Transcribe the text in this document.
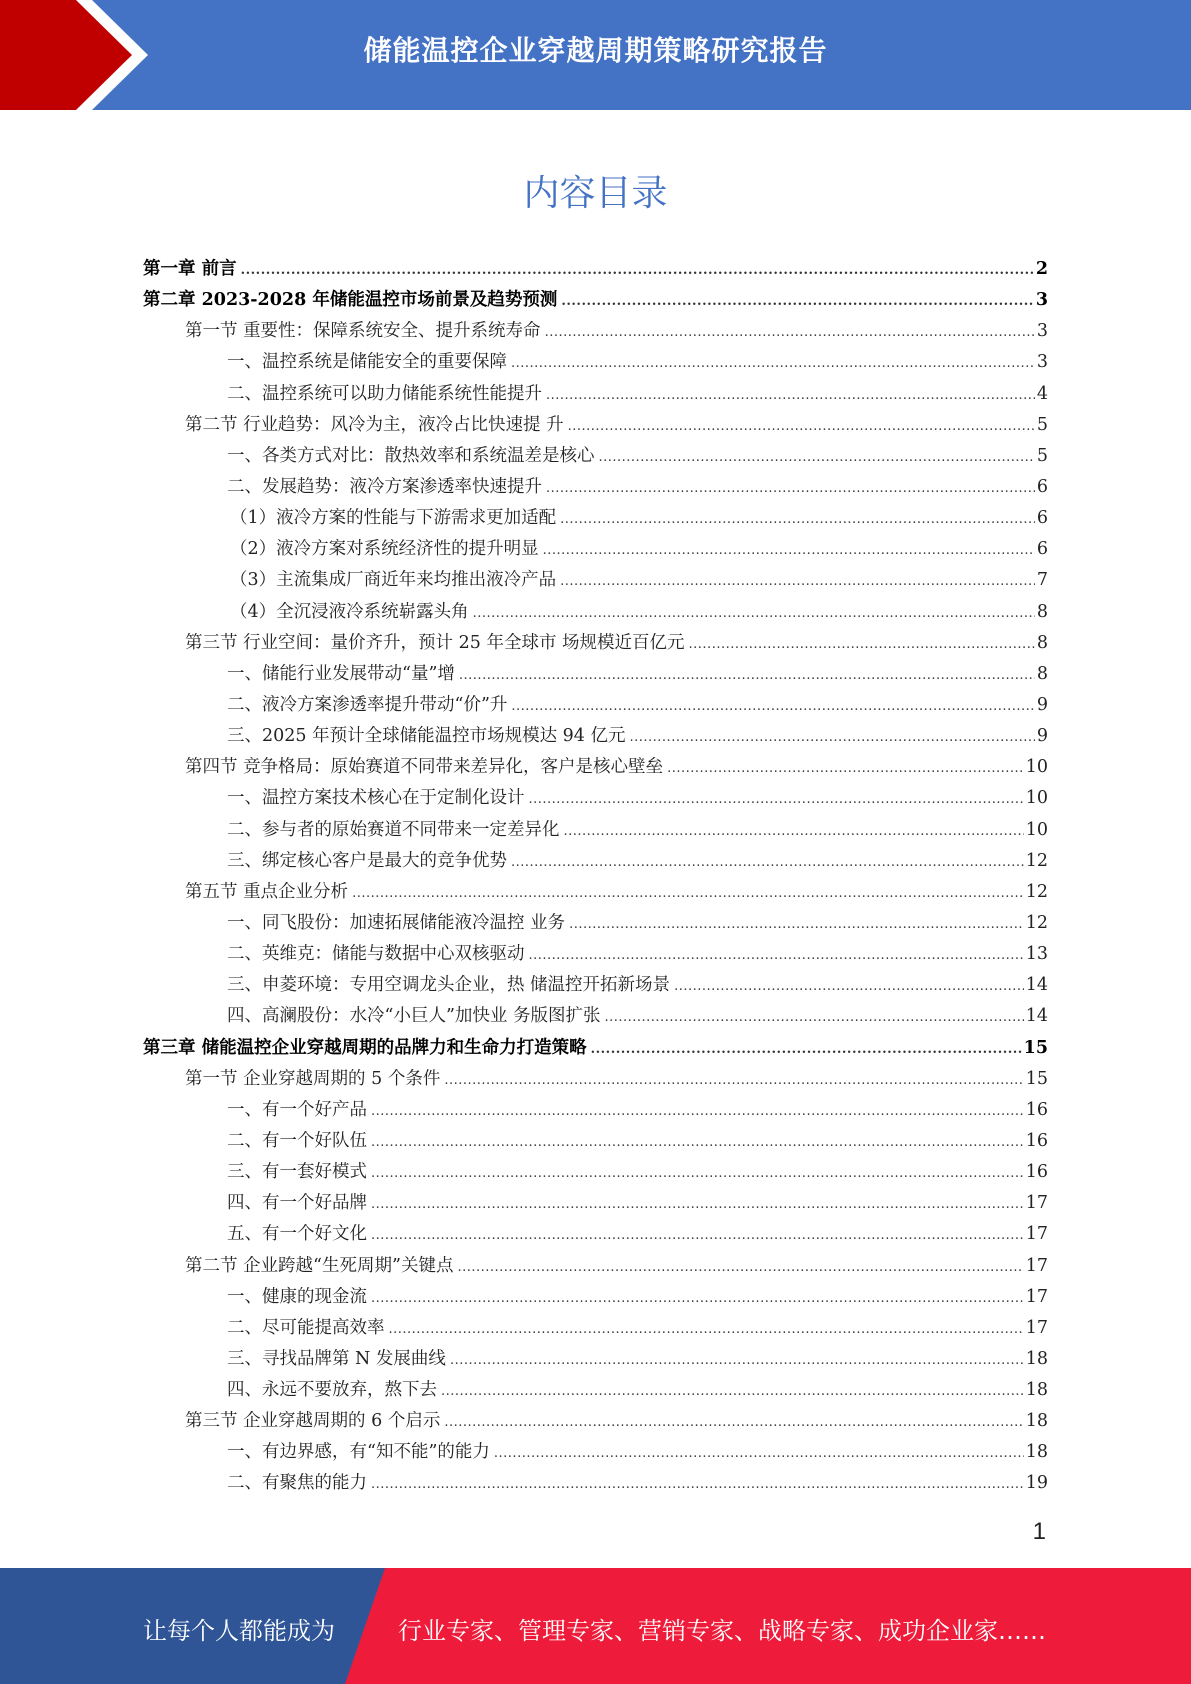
储能温控企业穿越周期策略研究报告
内容目录
第一章 前言 .....	2
第二章 2023-2028 年储能温控市场前景及趋势预测 .....	3
第一节 重要性：保障系统安全、提升系统寿命 .....	3
一、温控系统是储能安全的重要保障 .....	3
二、温控系统可以助力储能系统性能提升 .....	4
第二节 行业趋势：风冷为主，液冷占比快速提 升 .....	5
一、各类方式对比：散热效率和系统温差是核心 .....	5
二、发展趋势：液冷方案渗透率快速提升 .....	6
（1）液冷方案的性能与下游需求更加适配 .....	6
（2）液冷方案对系统经济性的提升明显 .....	6
（3）主流集成厂商近年来均推出液冷产品 .....	7
（4）全沉浸液冷系统崭露头角 .....	8
第三节 行业空间：量价齐升，预计 25 年全球市 场规模近百亿元 .....	8
一、储能行业发展带动“量”增 .....	8
二、液冷方案渗透率提升带动“价”升 .....	9
三、2025 年预计全球储能温控市场规模达 94 亿元 .....	9
第四节 竞争格局：原始赛道不同带来差异化，客户是核心壁垒 .....	10
一、温控方案技术核心在于定制化设计 .....	10
二、参与者的原始赛道不同带来一定差异化 .....	10
三、绑定核心客户是最大的竞争优势 .....	12
第五节 重点企业分析 .....	12
一、同飞股份：加速拓展储能液冷温控 业务 .....	12
二、英维克：储能与数据中心双核驱动 .....	13
三、申菱环境：专用空调龙头企业，热 储温控开拓新场景 .....	14
四、高澜股份：水冷“小巨人”加快业 务版图扩张 .....	14
第三章 储能温控企业穿越周期的品牌力和生命力打造策略 .....	15
第一节 企业穿越周期的 5 个条件 .....	15
一、有一个好产品 .....	16
二、有一个好队伍 .....	16
三、有一套好模式 .....	16
四、有一个好品牌 .....	17
五、有一个好文化 .....	17
第二节 企业跨越“生死周期”关键点 .....	17
一、健康的现金流 .....	17
二、尽可能提高效率 .....	17
三、寻找品牌第 N 发展曲线 .....	18
四、永远不要放弃，熬下去 .....	18
第三节 企业穿越周期的 6 个启示 .....	18
一、有边界感，有“知不能”的能力 .....	18
二、有聚焦的能力 .....	19
1
让每个人都能成为	行业专家、管理专家、营销专家、战略专家、成功企业家……
